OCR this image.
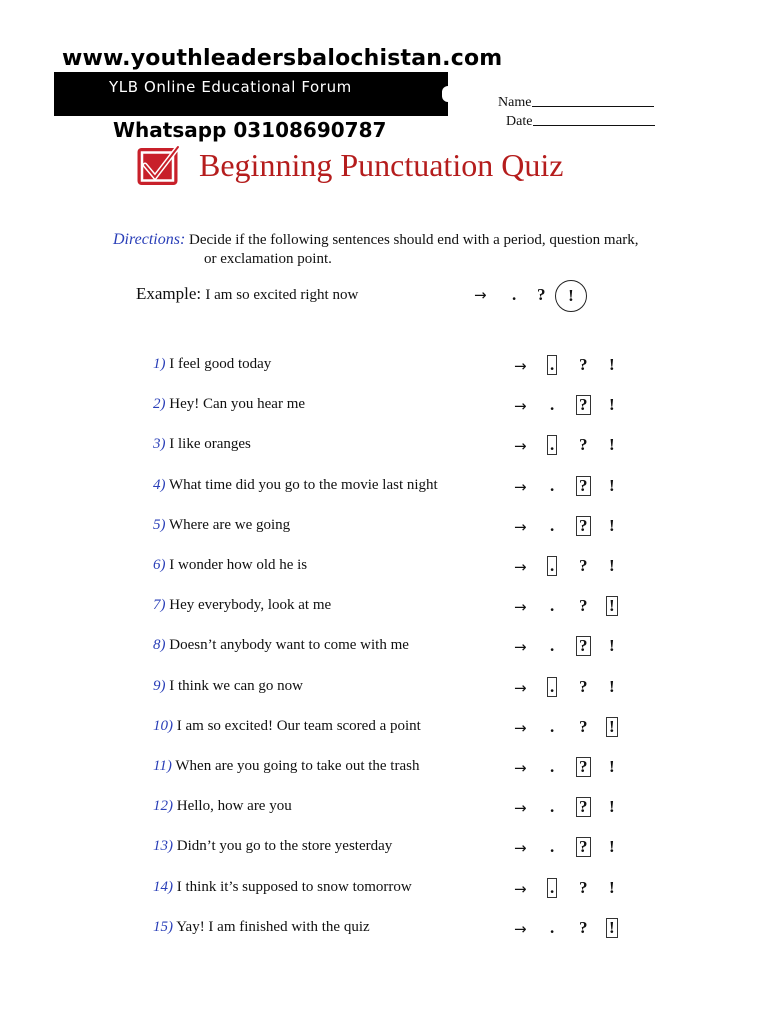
www.youthleadersbalochistan.com
YLB Online Educational Forum
Whatsapp 03108690787
Name
Date
Beginning Punctuation Quiz
Directions: Decide if the following sentences should end with a period, question mark,
or exclamation point.
Example: I am so excited right now	→ . ?	!
1) I feel good today	→ . ? !
2) Hey! Can you hear me	→ . ? !
3) I like oranges	→ . ? !
4) What time did you go to the movie last night	→ . ? !
5) Where are we going	→ . ? !
6) I wonder how old he is	→ . ? !
7) Hey everybody, look at me	→ . ? !
8) Doesn’t anybody want to come with me	→ . ? !
9) I think we can go now	→ . ? !
10) I am so excited! Our team scored a point	→ . ? !
11) When are you going to take out the trash	→ . ? !
12) Hello, how are you	→ . ? !
13) Didn’t you go to the store yesterday	→ . ? !
14) I think it’s supposed to snow tomorrow	→ . ? !
15) Yay! I am finished with the quiz	→ . ? !
